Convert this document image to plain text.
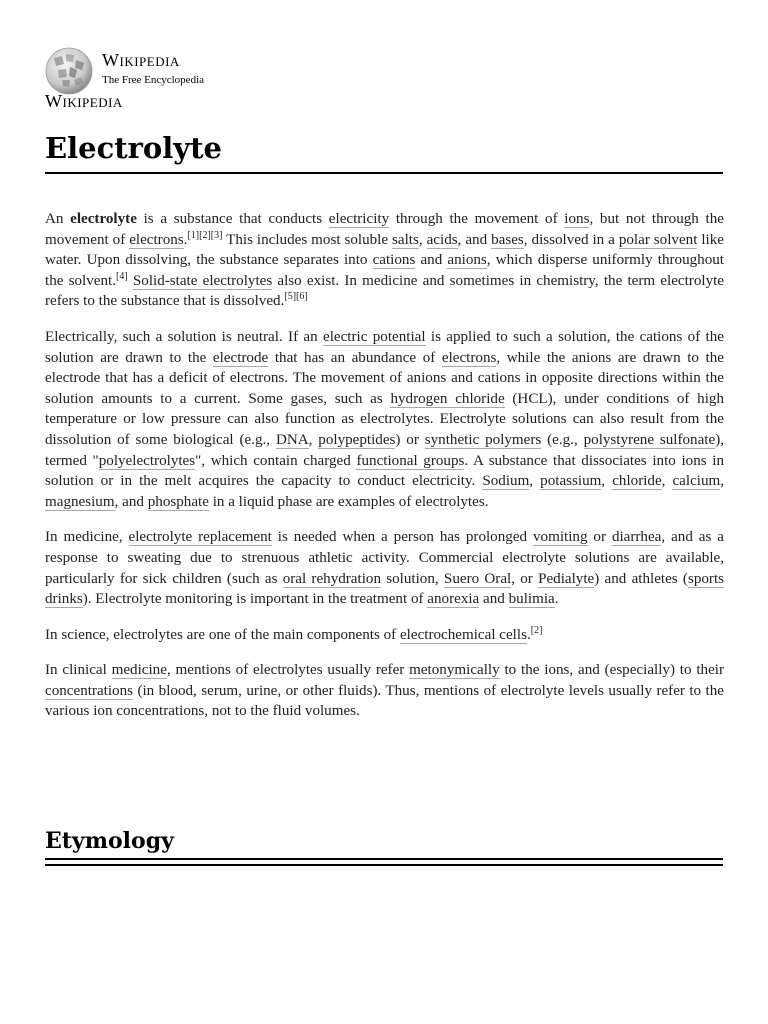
Wikipedia
The Free Encyclopedia
Wikipedia
Electrolyte

An electrolyte is a substance that conducts electricity through the movement of ions, but not through the movement of electrons.[1][2][3] This includes most soluble salts, acids, and bases, dissolved in a polar solvent like water. Upon dissolving, the substance separates into cations and anions, which disperse uniformly throughout the solvent.[4] Solid-state electrolytes also exist. In medicine and sometimes in chemistry, the term electrolyte refers to the substance that is dissolved.[5][6]

Electrically, such a solution is neutral. If an electric potential is applied to such a solution, the cations of the solution are drawn to the electrode that has an abundance of electrons, while the anions are drawn to the electrode that has a deficit of electrons. The movement of anions and cations in opposite directions within the solution amounts to a current. Some gases, such as hydrogen chloride (HCL), under conditions of high temperature or low pressure can also function as electrolytes. Electrolyte solutions can also result from the dissolution of some biological (e.g., DNA, polypeptides) or synthetic polymers (e.g., polystyrene sulfonate), termed "polyelectrolytes", which contain charged functional groups. A substance that dissociates into ions in solution or in the melt acquires the capacity to conduct electricity. Sodium, potassium, chloride, calcium, magnesium, and phosphate in a liquid phase are examples of electrolytes.

In medicine, electrolyte replacement is needed when a person has prolonged vomiting or diarrhea, and as a response to sweating due to strenuous athletic activity. Commercial electrolyte solutions are available, particularly for sick children (such as oral rehydration solution, Suero Oral, or Pedialyte) and athletes (sports drinks). Electrolyte monitoring is important in the treatment of anorexia and bulimia.

In science, electrolytes are one of the main components of electrochemical cells.[2]

In clinical medicine, mentions of electrolytes usually refer metonymically to the ions, and (especially) to their concentrations (in blood, serum, urine, or other fluids). Thus, mentions of electrolyte levels usually refer to the various ion concentrations, not to the fluid volumes.

Etymology
